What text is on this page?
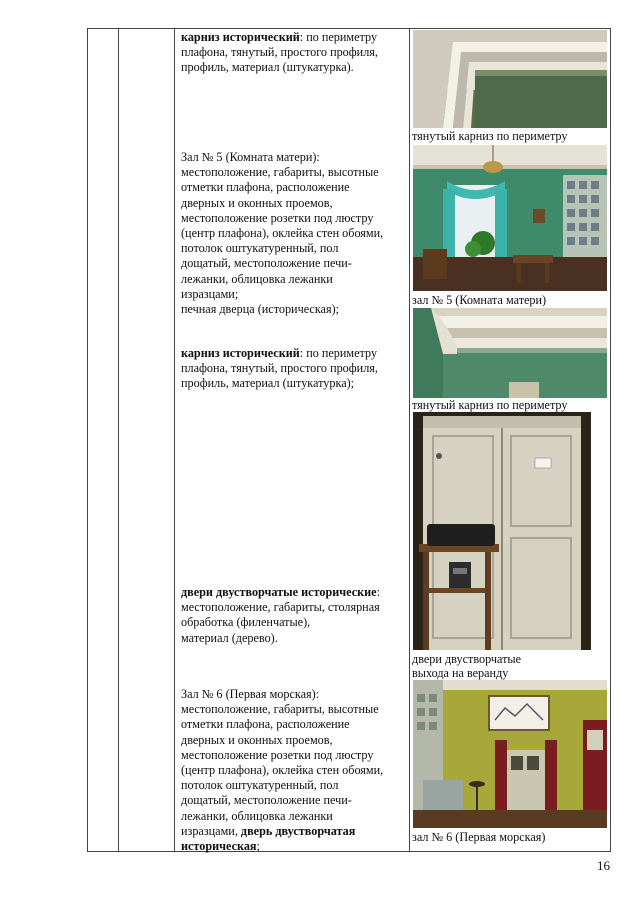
карниз исторический: по периметру
плафона, тянутый, простого профиля,
профиль, материал (штукатурка).
Зал № 5 (Комната матери):
местоположение, габариты, высотные
отметки плафона, расположение
дверных и оконных проемов,
местоположение розетки под люстру
(центр плафона), оклейка стен обоями,
потолок оштукатуренный, пол
дощатый, местоположение печи-
лежанки, облицовка лежанки
изразцами;
печная дверца (историческая);
карниз исторический: по периметру
плафона, тянутый, простого профиля,
профиль, материал (штукатурка);
двери двустворчатые исторические:
местоположение, габариты, столярная
обработка (филенчатые),
материал (дерево).
Зал № 6 (Первая морская):
местоположение, габариты, высотные
отметки плафона, расположение
дверных и оконных проемов,
местоположение розетки под люстру
(центр плафона), оклейка стен обоями,
потолок оштукатуренный, пол
дощатый, местоположение печи-
лежанки, облицовка лежанки
изразцами, дверь двустворчатая
историческая;
тянутый карниз по периметру
зал № 5 (Комната матери)
тянутый карниз по периметру
двери двустворчатые
выхода на веранду
зал № 6 (Первая морская)
16
